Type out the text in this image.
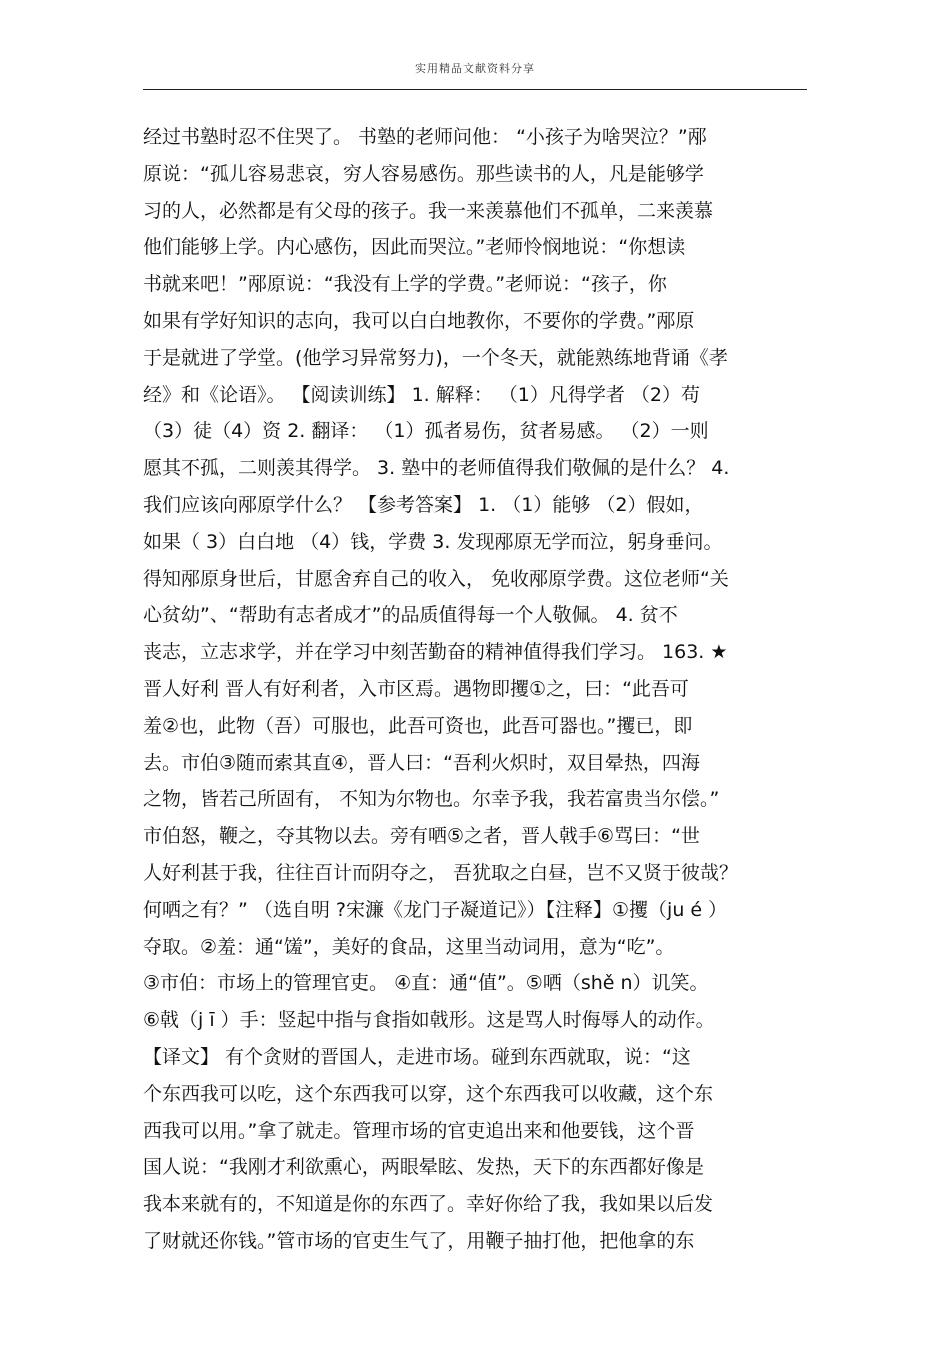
实用精品文献资料分享
经过书塾时忍不住哭了。 书塾的老师问他： “小孩子为啥哭泣？”邴
原说：“孤儿容易悲哀，穷人容易感伤。那些读书的人，凡是能够学
习的人，必然都是有父母的孩子。我一来羡慕他们不孤单，二来羡慕
他们能够上学。内心感伤，因此而哭泣。”老师怜悯地说：“你想读
书就来吧！”邴原说：“我没有上学的学费。”老师说：“孩子，你
如果有学好知识的志向，我可以白白地教你，不要你的学费。”邴原
于是就进了学堂。(他学习异常努力)，一个冬天，就能熟练地背诵《孝
经》和《论语》。 【阅读训练】 1. 解释： （1）凡得学者 （2）苟
（3）徒（4）资 2. 翻译： （1）孤者易伤，贫者易感。 （2）一则
愿其不孤，二则羡其得学。 3. 塾中的老师值得我们敬佩的是什么？ 4.
我们应该向邴原学什么？ 【参考答案】 1. （1）能够 （2）假如，
如果（ 3）白白地 （4）钱，学费 3. 发现邴原无学而泣，躬身垂问。
得知邴原身世后，甘愿舍弃自己的收入， 免收邴原学费。这位老师“关
心贫幼”、“帮助有志者成才”的品质值得每一个人敬佩。 4. 贫不
丧志，立志求学，并在学习中刻苦勤奋的精神值得我们学习。 163. ★
晋人好利 晋人有好利者，入市区焉。遇物即攫①之，曰：“此吾可
羞②也，此物（吾）可服也，此吾可资也，此吾可器也。”攫已，即
去。市伯③随而索其直④，晋人曰：“吾利火炽时，双目晕热，四海
之物，皆若己所固有， 不知为尔物也。尔幸予我，我若富贵当尔偿。”
市伯怒，鞭之，夺其物以去。旁有哂⑤之者，晋人戟手⑥骂曰：“世
人好利甚于我，往往百计而阴夺之， 吾犹取之白昼，岂不又贤于彼哉？
何哂之有？” （选自明 ?宋濂《龙门子凝道记》）【注释】①攫（ju é ）
夺取。②羞：通“馐”，美好的食品，这里当动词用，意为“吃”。
③市伯：市场上的管理官吏。 ④直：通“值”。⑤哂（shě n）讥笑。
⑥戟（j ī ）手：竖起中指与食指如戟形。这是骂人时侮辱人的动作。
【译文】 有个贪财的晋国人，走进市场。碰到东西就取，说：“这
个东西我可以吃，这个东西我可以穿，这个东西我可以收藏，这个东
西我可以用。”拿了就走。管理市场的官吏追出来和他要钱，这个晋
国人说：“我刚才利欲熏心，两眼晕眩、发热，天下的东西都好像是
我本来就有的，不知道是你的东西了。幸好你给了我，我如果以后发
了财就还你钱。”管市场的官吏生气了，用鞭子抽打他，把他拿的东
